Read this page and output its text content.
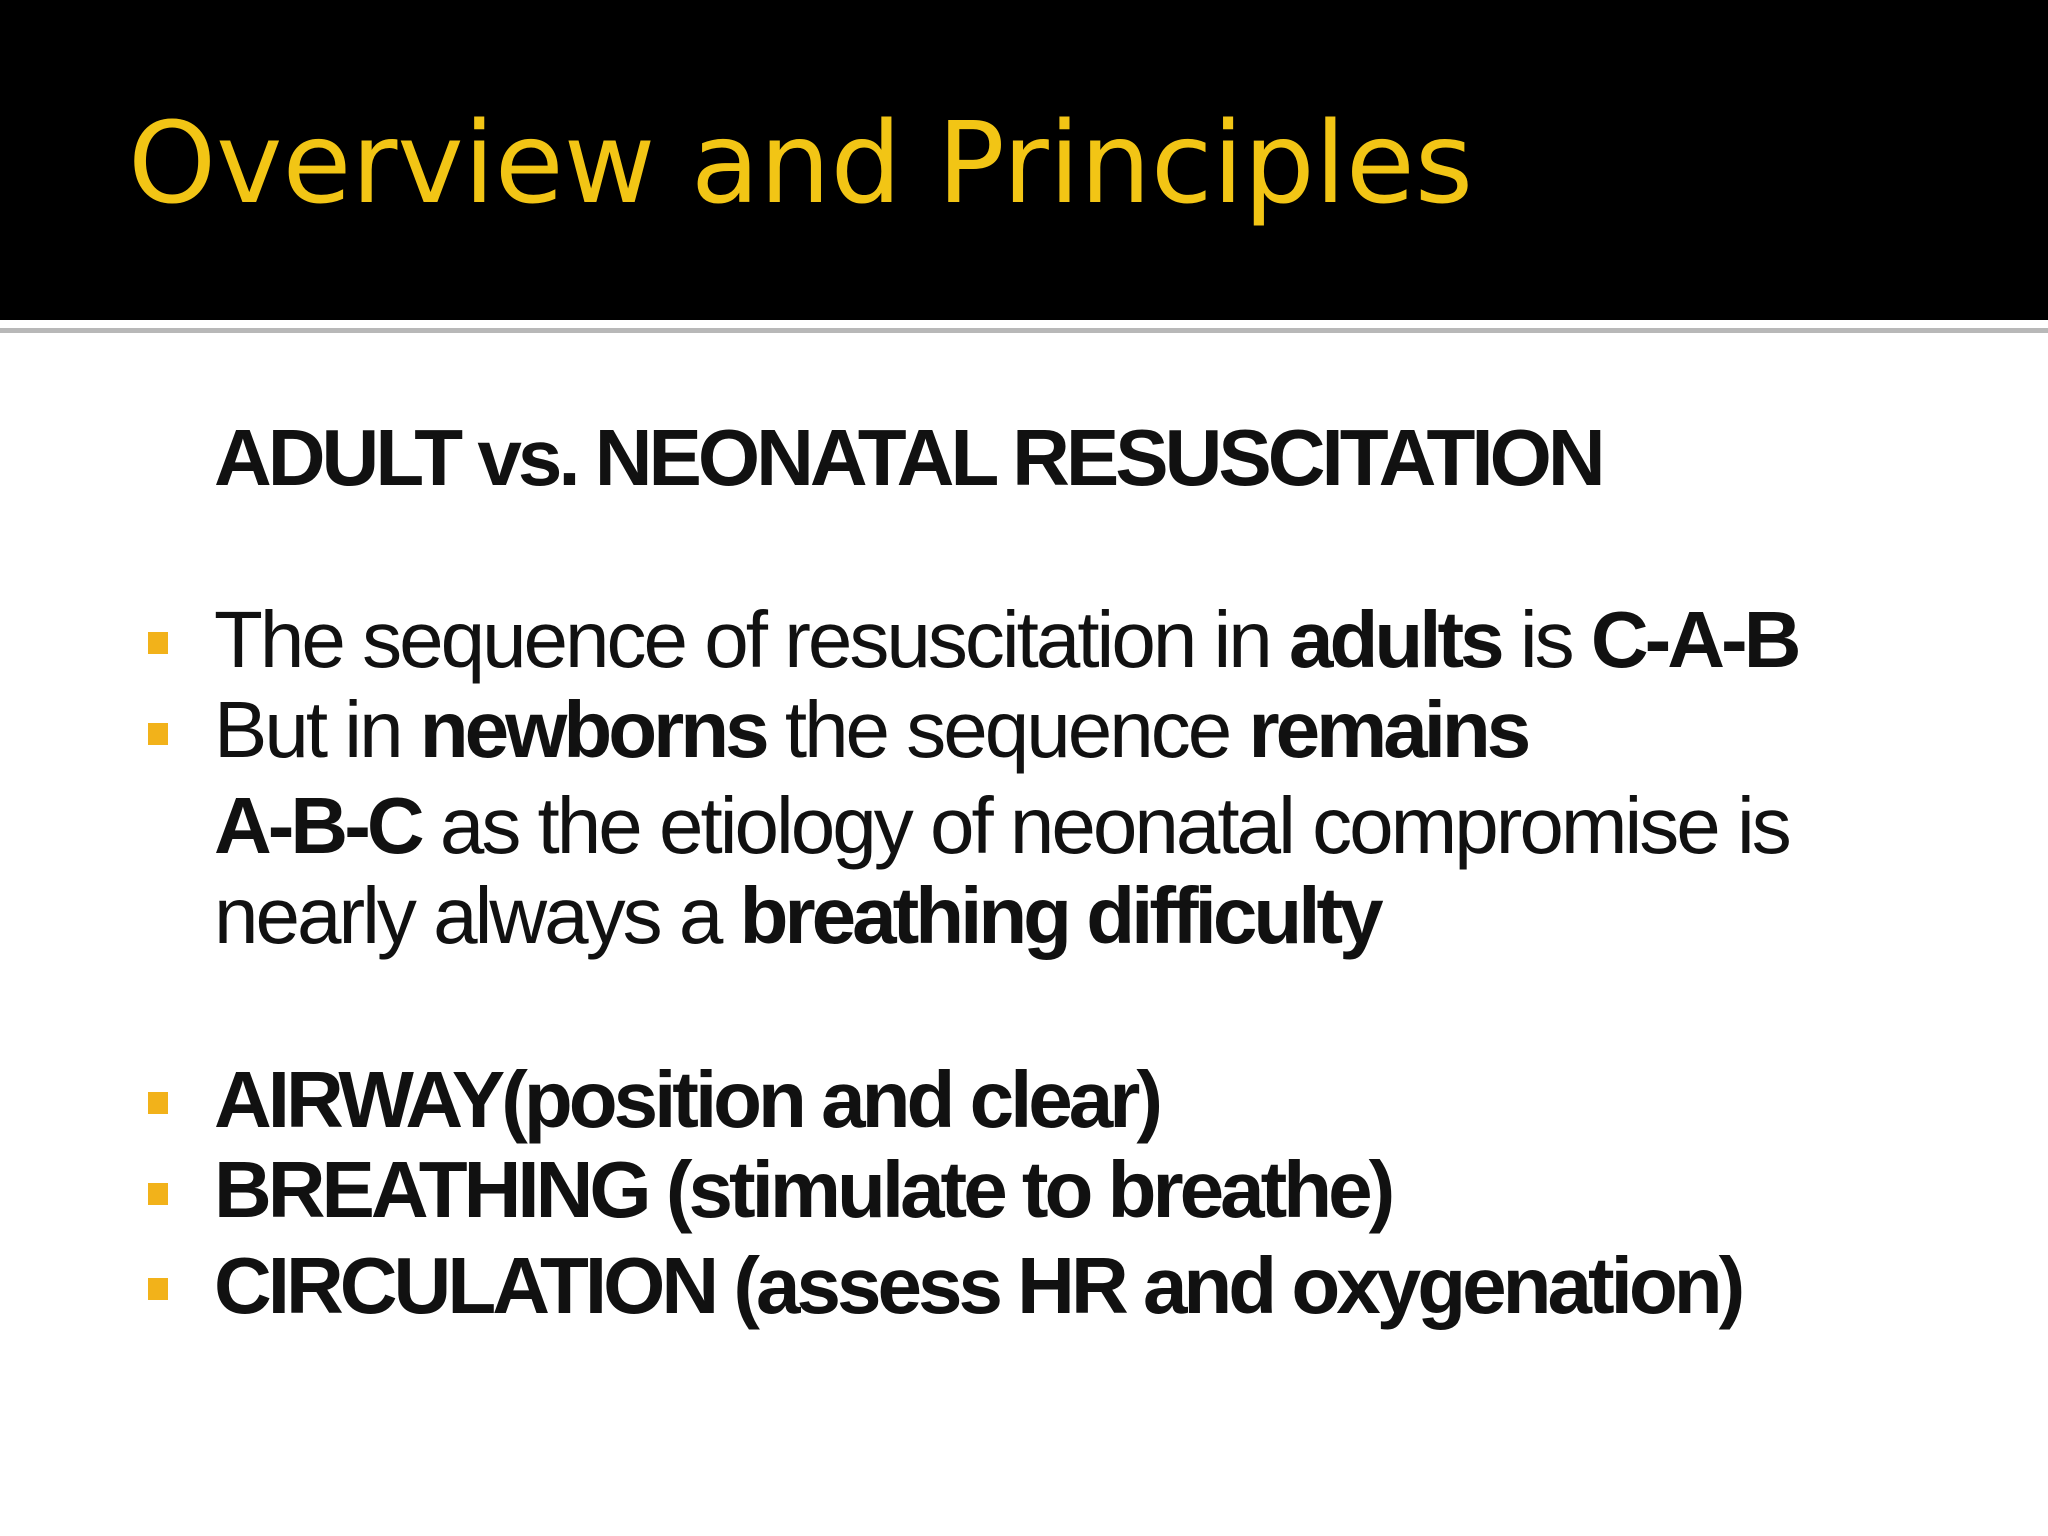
Overview and Principles
ADULT vs. NEONATAL RESUSCITATION
The sequence of resuscitation in adults is C-A-B
But in newborns the sequence remains
A-B-C as the etiology of neonatal compromise is
nearly always a breathing difficulty
AIRWAY(position and clear)
BREATHING (stimulate to breathe)
CIRCULATION (assess HR and oxygenation)
